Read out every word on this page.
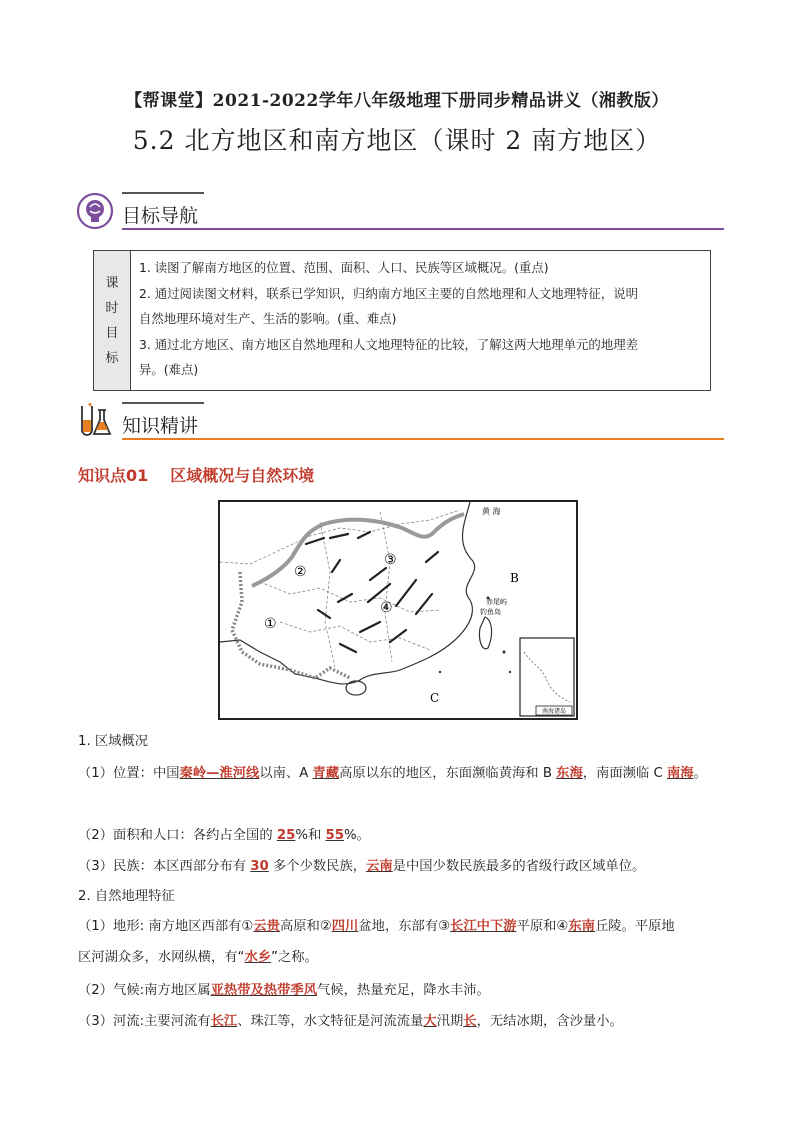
【帮课堂】2021-2022学年八年级地理下册同步精品讲义（湘教版）
5.2 北方地区和南方地区（课时 2 南方地区）
目标导航
课
时
目
标

1. 读图了解南方地区的位置、范围、面积、人口、民族等区域概况。(重点)

2. 通过阅读图文材料，联系已学知识，归纳南方地区主要的自然地理和人文地理特征，说明

自然地理环境对生产、生活的影响。(重、难点)

3. 通过北方地区、南方地区自然地理和人文地理特征的比较，了解这两大地理单元的地理差

异。(难点)

知识精讲
知识点01 区域概况与自然环境
南海诸岛
黄 海
B
C
赤尾屿
钓鱼岛
①
②
③
④
1. 区域概况
（1）位置：中国秦岭—淮河线以南、A 青藏高原以东的地区，东面濒临黄海和 B 东海，南面濒临 C 南海。
（2）面积和人口：各约占全国的 25%和 55%。
（3）民族：本区西部分布有 30 多个少数民族，云南是中国少数民族最多的省级行政区域单位。
2. 自然地理特征
（1）地形: 南方地区西部有①云贵高原和②四川盆地，东部有③长江中下游平原和④东南丘陵。平原地
区河湖众多，水网纵横，有“水乡”之称。
（2）气候:南方地区属亚热带及热带季风气候，热量充足，降水丰沛。
（3）河流:主要河流有长江、珠江等，水文特征是河流流量大汛期长，无结冰期，含沙量小。
